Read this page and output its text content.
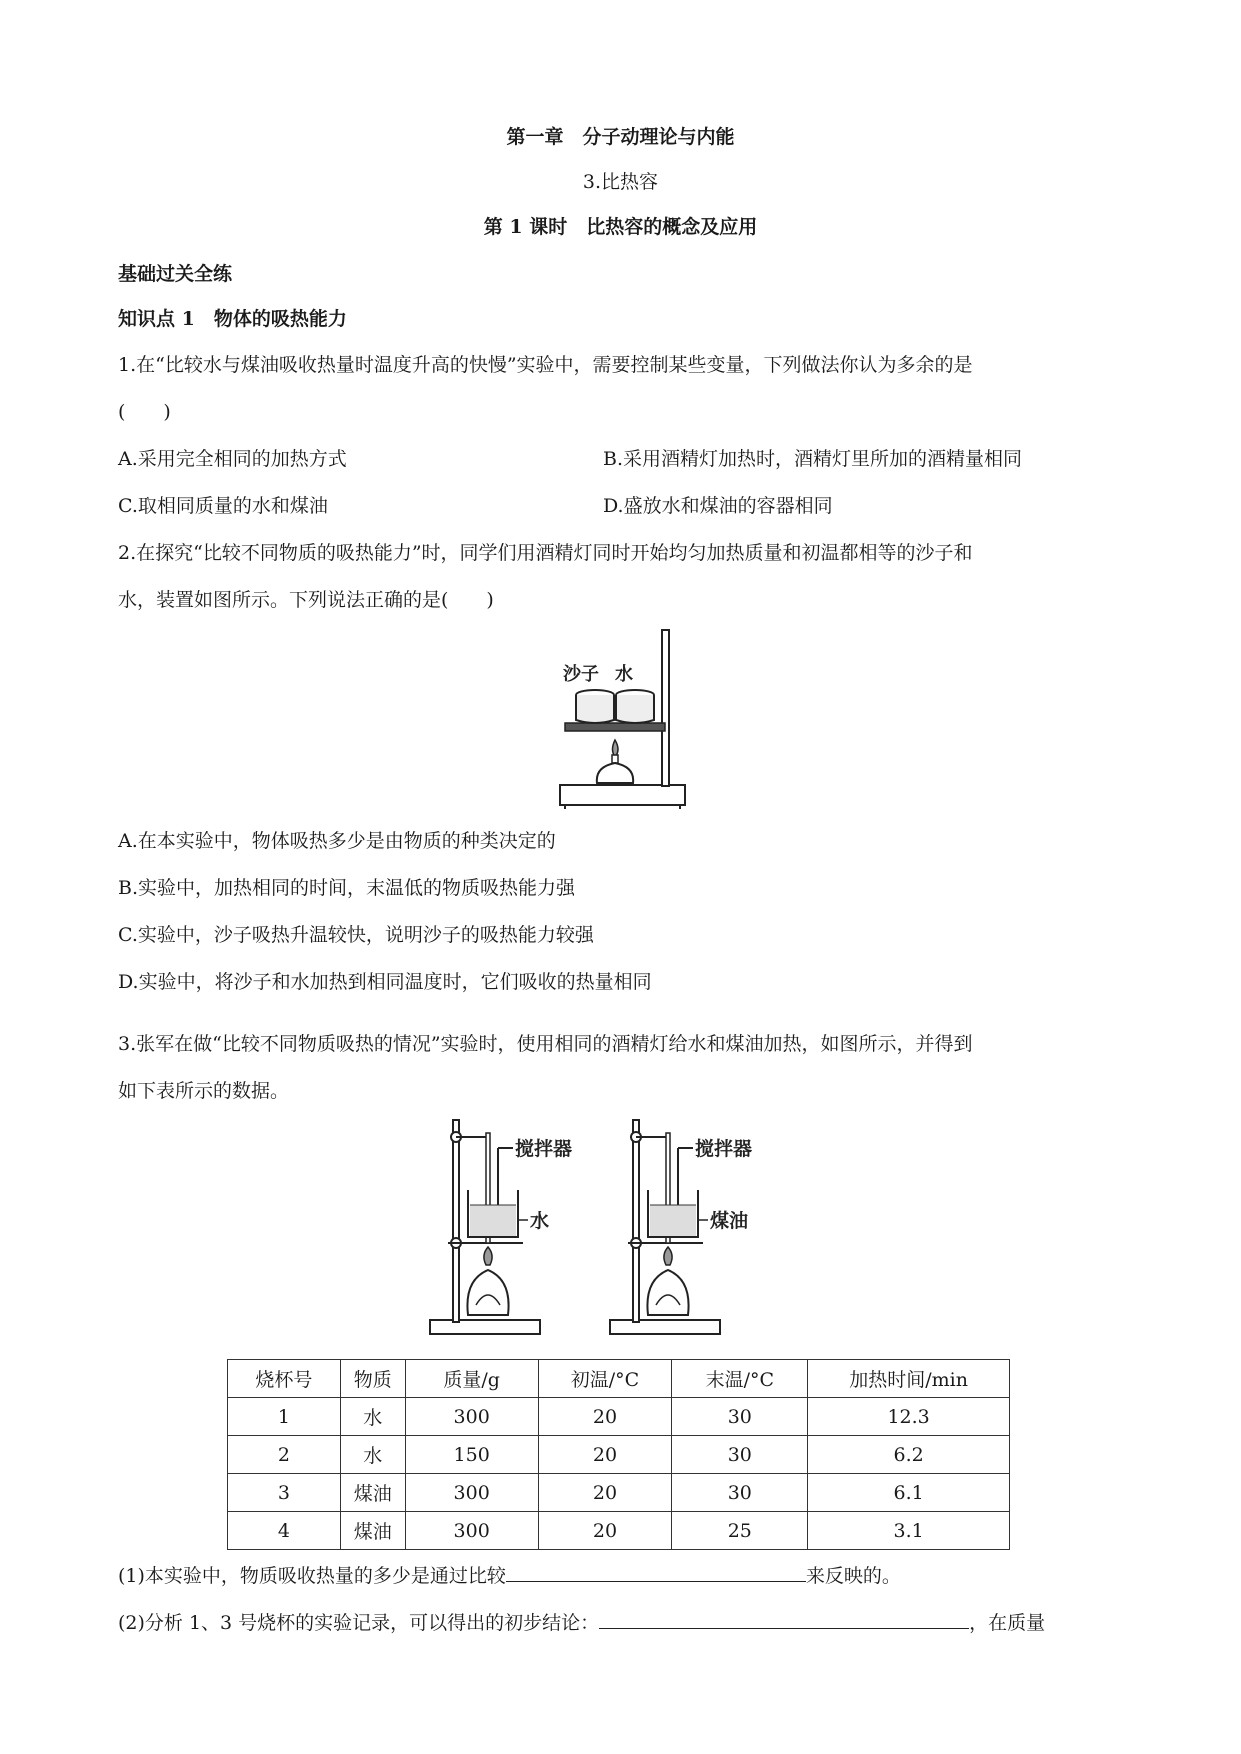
第一章　分子动理论与内能
3.比热容
第 1 课时　比热容的概念及应用
基础过关全练
知识点 1　物体的吸热能力
1.在“比较水与煤油吸收热量时温度升高的快慢”实验中，需要控制某些变量，下列做法你认为多余的是
(　　)
A.采用完全相同的加热方式	B.采用酒精灯加热时，酒精灯里所加的酒精量相同
C.取相同质量的水和煤油	D.盛放水和煤油的容器相同
2.在探究“比较不同物质的吸热能力”时，同学们用酒精灯同时开始均匀加热质量和初温都相等的沙子和
水，装置如图所示。下列说法正确的是(　　)
沙子 水
A.在本实验中，物体吸热多少是由物质的种类决定的
B.实验中，加热相同的时间，末温低的物质吸热能力强
C.实验中，沙子吸热升温较快，说明沙子的吸热能力较强
D.实验中，将沙子和水加热到相同温度时，它们吸收的热量相同
3.张军在做“比较不同物质吸热的情况”实验时，使用相同的酒精灯给水和煤油加热，如图所示，并得到
如下表所示的数据。
搅拌器
水
搅拌器
煤油
烧杯号	物质	质量/g	初温/°C	末温/°C	加热时间/min
1	水	300	20	30	12.3
2	水	150	20	30	6.2
3	煤油	300	20	30	6.1
4	煤油	300	20	25	3.1
(1)本实验中，物质吸收热量的多少是通过比较	来反映的。
(2)分析 1、3 号烧杯的实验记录，可以得出的初步结论：	，在质量
